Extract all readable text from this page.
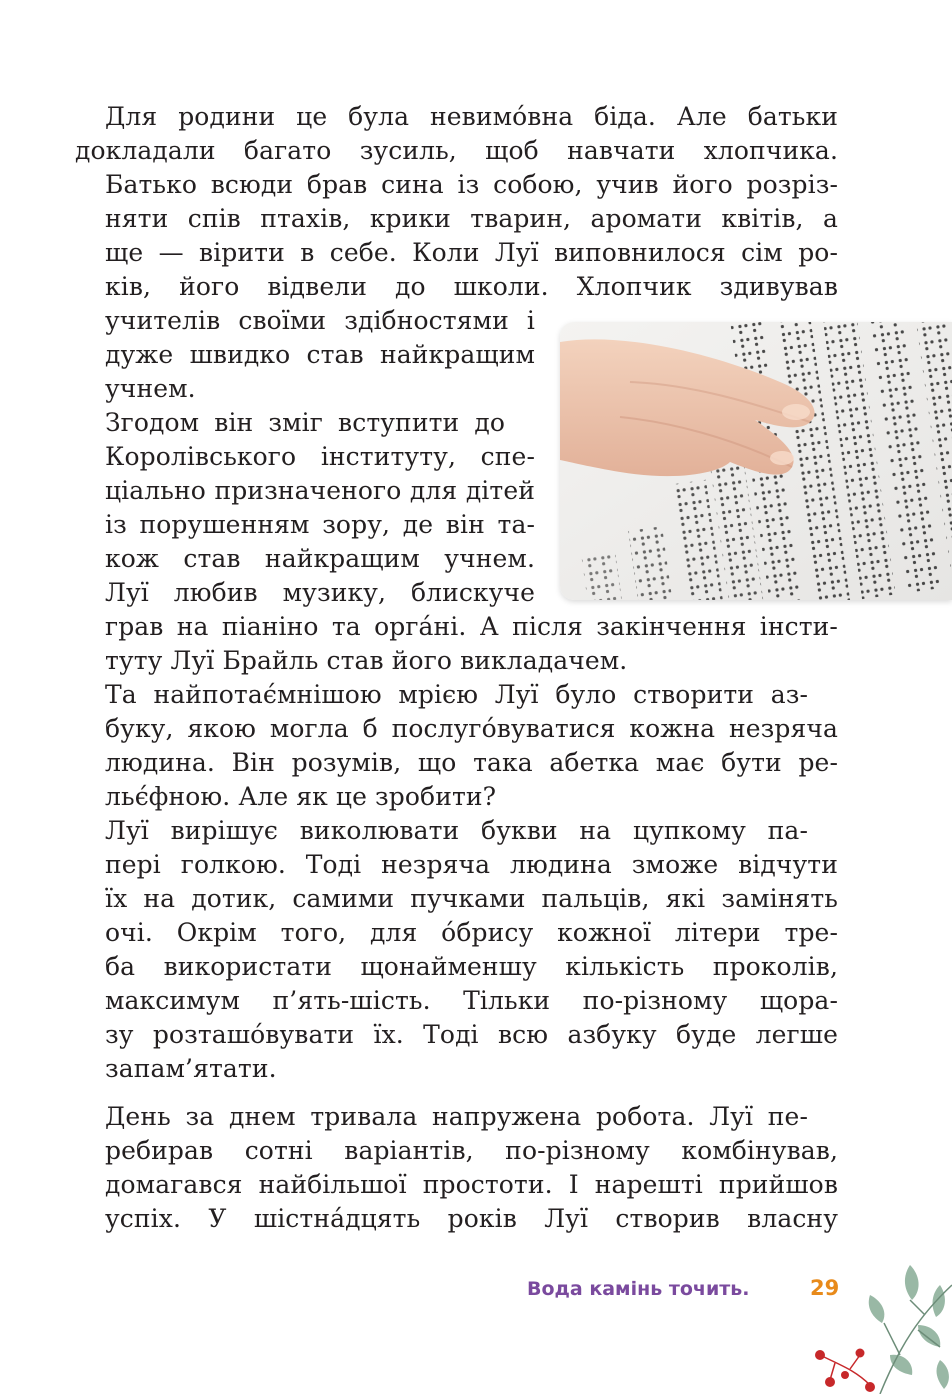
Для родини це була невимо́вна біда. Але батьки
докладали багато зусиль, щоб навчати хлопчика.
Батько всюди брав сина із собою, учив його розріз-
няти спів птахів, крики тварин, аромати квітів, а
ще — вірити в себе. Коли Луї виповнилося сім ро-
ків, його відвели до школи. Хлопчик здивував
учителів своїми здібностями і
дуже швидко став найкращим
учнем.

Згодом він зміг вступити до
Королівського інституту, спе-
ціально призначеного для дітей
із порушенням зору, де він та-
кож став найкращим учнем.
Луї любив музику, блискуче
грав на піаніно та орга́ні. А після закінчення інсти-
туту Луї Брайль став його викладачем.

Та найпотає́мнішою мрією Луї було створити аз-
буку, якою могла б послуго́вуватися кожна незряча
людина. Він розумів, що така абетка має бути ре-
льє́фною. Але як це зробити?

Луї вирішує виколювати букви на цупкому па-
пері голкою. Тоді незряча людина зможе відчути
їх на дотик, самими пучками пальців, які замінять
очі. Окрім того, для о́брису кожної літери тре-
ба використати щонайменшу кількість проколів,
максимум п’ять-шість. Тільки по-різному щора-
зу розташо́вувати їх. Тоді всю азбуку буде легше
запам’ятати.

День за днем тривала напружена робота. Луї пе-
ребирав сотні варіантів, по-різному комбінував,
домагався найбільшої простоти. І нарешті прийшов
успіх. У шістна́дцять років Луї створив власну

Вода камінь точить.	29
